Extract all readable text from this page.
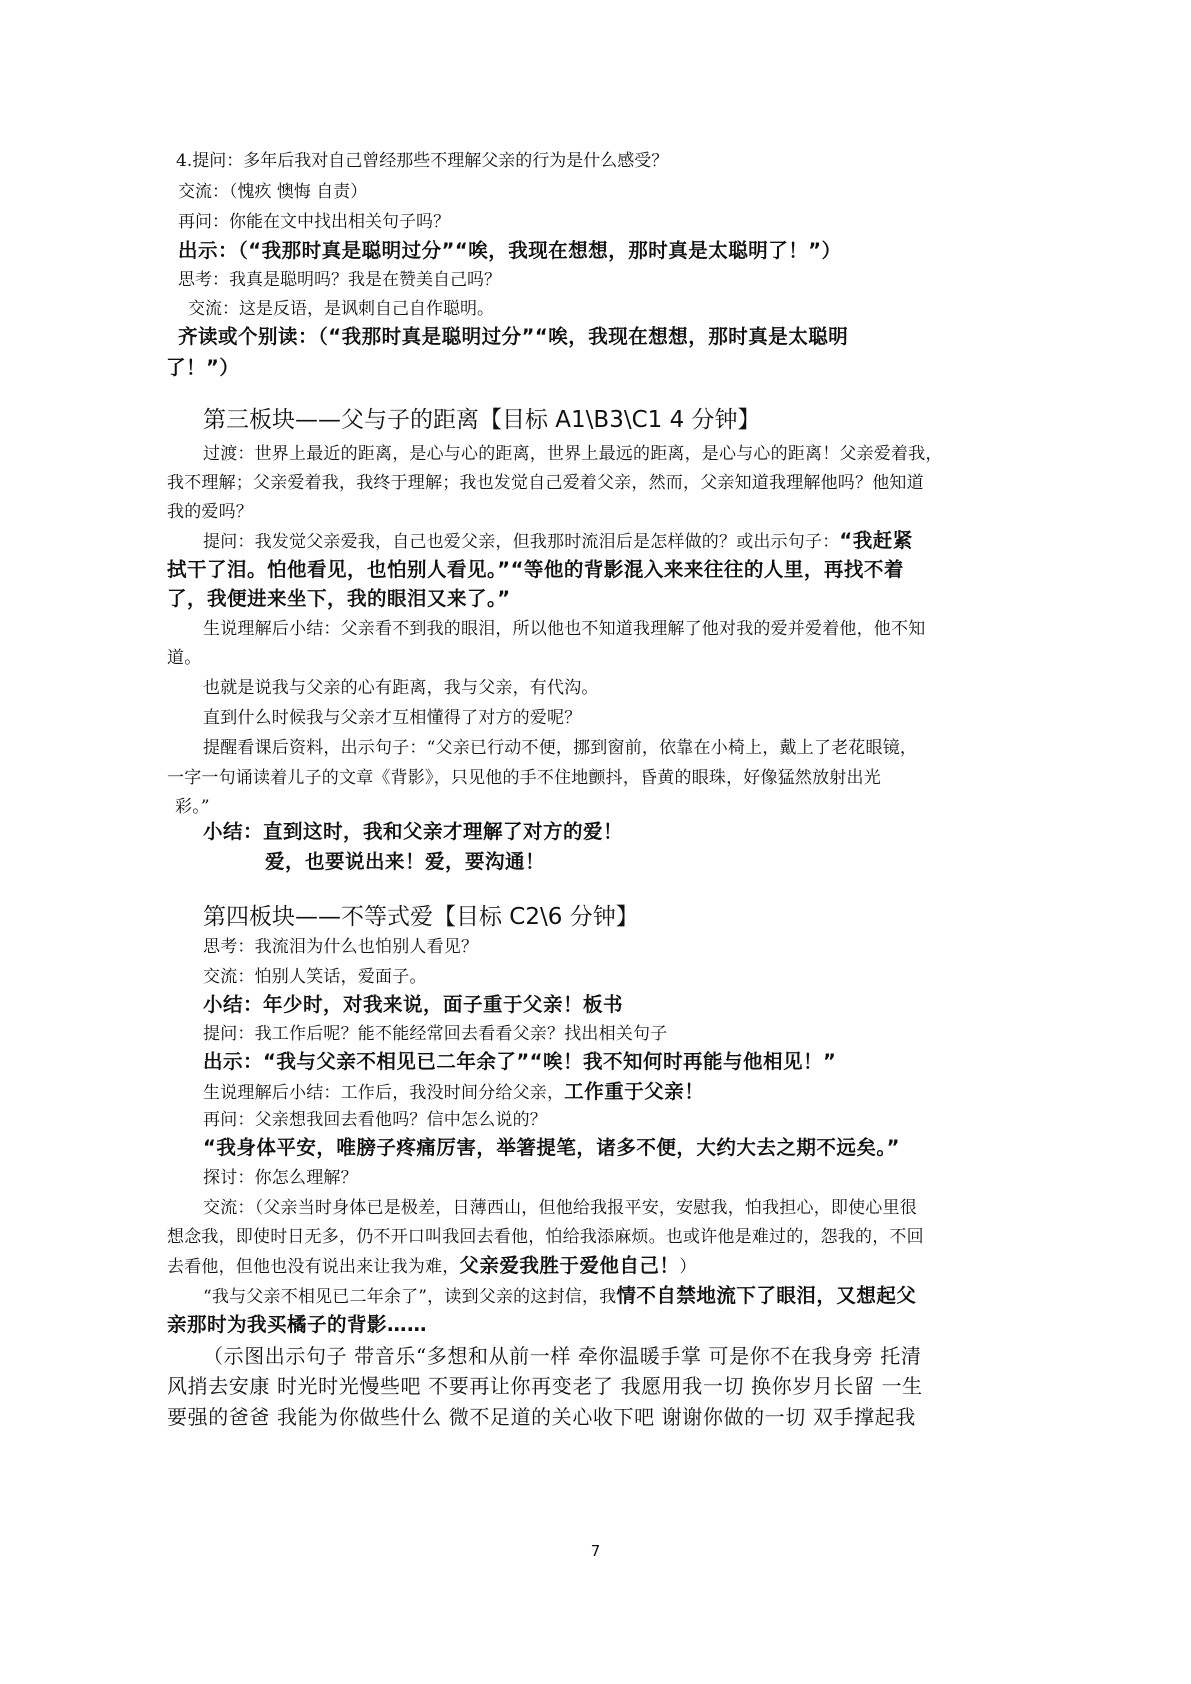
4.提问：多年后我对自己曾经那些不理解父亲的行为是什么感受？
交流：（愧疚 懊悔 自责）
再问：你能在文中找出相关句子吗？
出示：（“我那时真是聪明过分”“唉，我现在想想，那时真是太聪明了！”）
思考：我真是聪明吗？我是在赞美自己吗？
交流：这是反语，是讽刺自己自作聪明。
齐读或个别读：（“我那时真是聪明过分”“唉，我现在想想，那时真是太聪明
了！”）
第三板块——父与子的距离【目标 A1\B3\C1 4 分钟】
过渡：世界上最近的距离，是心与心的距离，世界上最远的距离，是心与心的距离！父亲爱着我，
我不理解；父亲爱着我，我终于理解；我也发觉自己爱着父亲，然而，父亲知道我理解他吗？他知道
我的爱吗？
提问：我发觉父亲爱我，自己也爱父亲，但我那时流泪后是怎样做的？或出示句子：“我赶紧
拭干了泪。怕他看见，也怕别人看见。”“等他的背影混入来来往往的人里，再找不着
了，我便进来坐下，我的眼泪又来了。”
生说理解后小结：父亲看不到我的眼泪，所以他也不知道我理解了他对我的爱并爱着他，他不知
道。
也就是说我与父亲的心有距离，我与父亲，有代沟。
直到什么时候我与父亲才互相懂得了对方的爱呢？
提醒看课后资料，出示句子：“父亲已行动不便，挪到窗前，依靠在小椅上，戴上了老花眼镜，
一字一句诵读着儿子的文章《背影》，只见他的手不住地颤抖，昏黄的眼珠，好像猛然放射出光
彩。”
小结：直到这时，我和父亲才理解了对方的爱！
爱，也要说出来！爱，要沟通！
第四板块——不等式爱【目标 C2\6 分钟】
思考：我流泪为什么也怕别人看见？
交流：怕别人笑话，爱面子。
小结：年少时，对我来说，面子重于父亲！板书
提问：我工作后呢？能不能经常回去看看父亲？找出相关句子
出示：“我与父亲不相见已二年余了”“唉！我不知何时再能与他相见！”
生说理解后小结：工作后，我没时间分给父亲，工作重于父亲！
再问：父亲想我回去看他吗？信中怎么说的？
“我身体平安，唯膀子疼痛厉害，举箸提笔，诸多不便，大约大去之期不远矣。”
探讨：你怎么理解？
交流：（父亲当时身体已是极差，日薄西山，但他给我报平安，安慰我，怕我担心，即使心里很
想念我，即使时日无多，仍不开口叫我回去看他，怕给我添麻烦。也或许他是难过的，怨我的，不回
去看他，但他也没有说出来让我为难，父亲爱我胜于爱他自己！）
“我与父亲不相见已二年余了”，读到父亲的这封信，我情不自禁地流下了眼泪，又想起父
亲那时为我买橘子的背影……
（示图出示句子 带音乐“多想和从前一样 牵你温暖手掌 可是你不在我身旁 托清
风捎去安康 时光时光慢些吧 不要再让你再变老了 我愿用我一切 换你岁月长留 一生
要强的爸爸 我能为你做些什么 微不足道的关心收下吧 谢谢你做的一切 双手撑起我
7
